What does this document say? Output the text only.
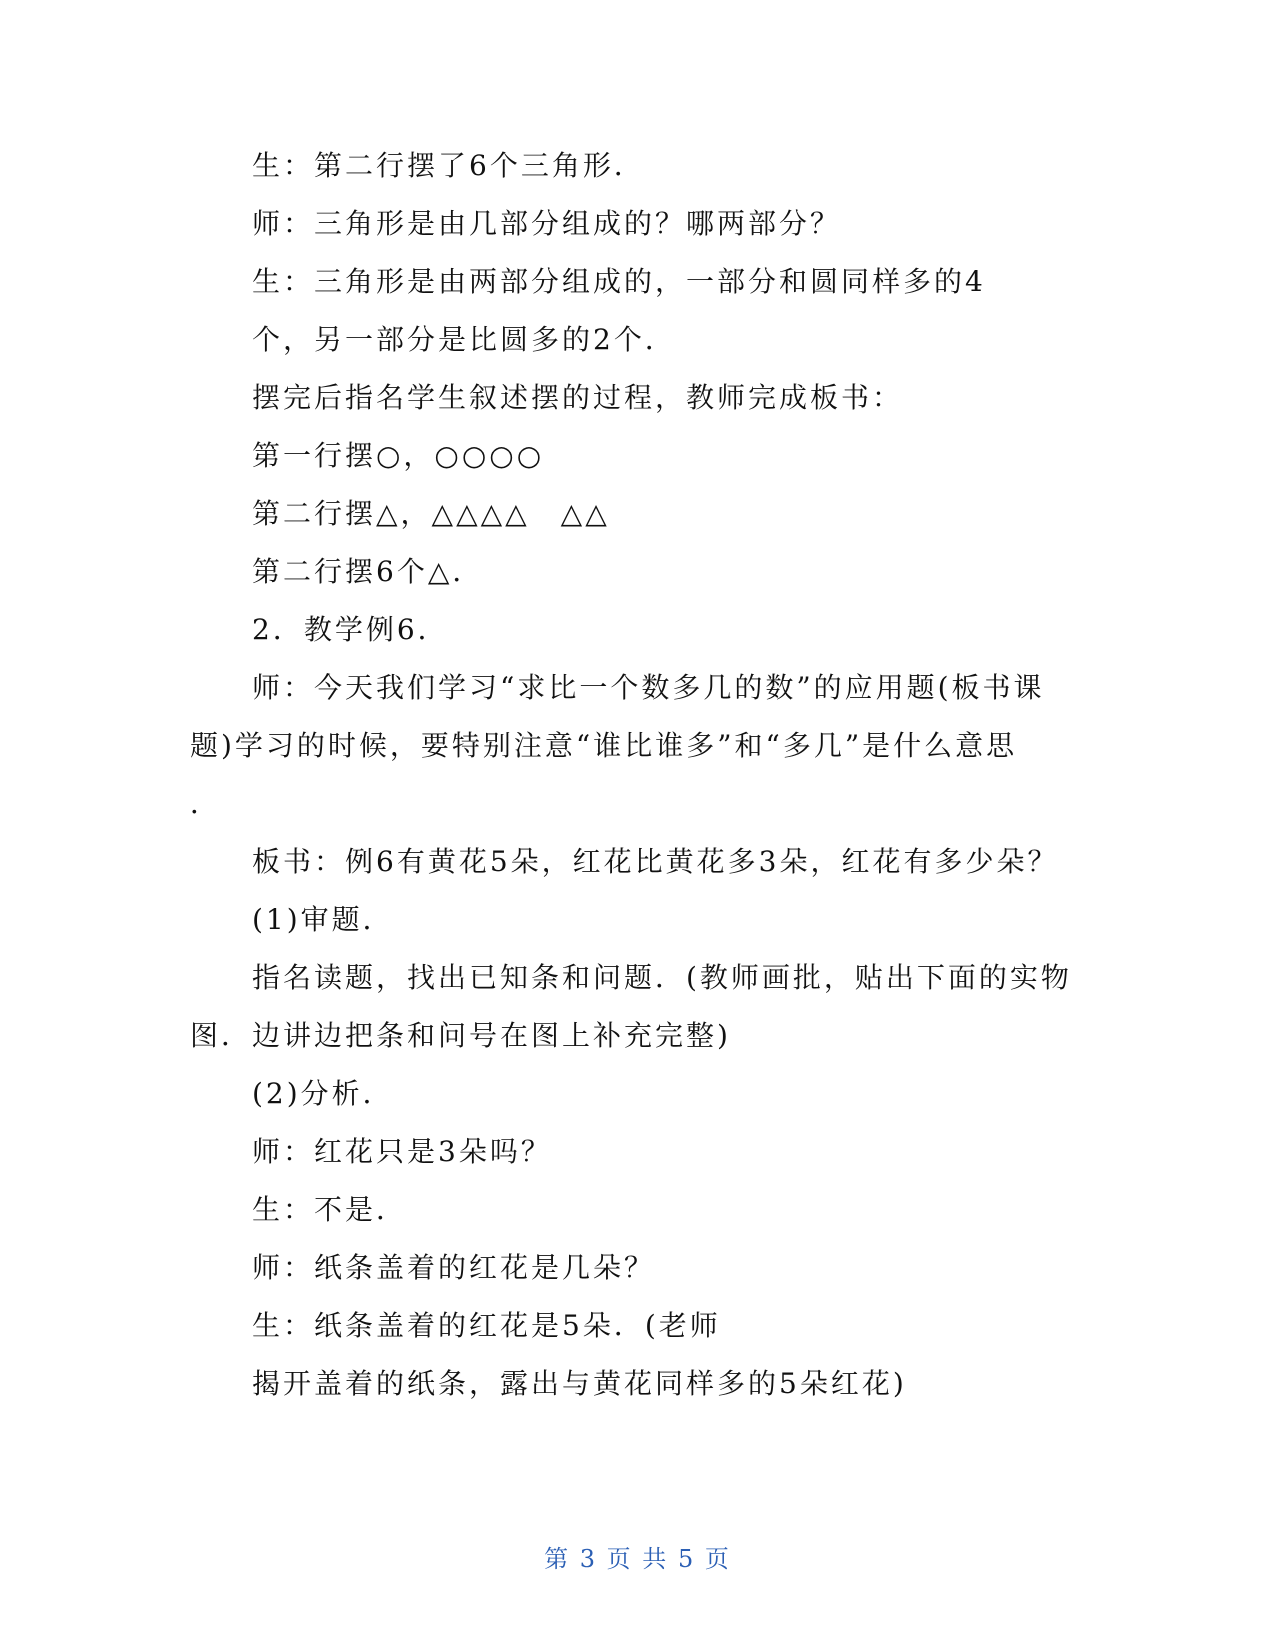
生：第二行摆了6个三角形．
师：三角形是由几部分组成的？哪两部分？
生：三角形是由两部分组成的，一部分和圆同样多的4
个，另一部分是比圆多的2个．
摆完后指名学生叙述摆的过程，教师完成板书：
第一行摆○，○○○○
第二行摆△，△△△△　△△
第二行摆6个△．
2．教学例6．
师：今天我们学习“求比一个数多几的数”的应用题(板书课
题)学习的时候，要特别注意“谁比谁多”和“多几”是什么意思
．
板书：例6有黄花5朵，红花比黄花多3朵，红花有多少朵？
(1)审题．
指名读题，找出已知条和问题．(教师画批，贴出下面的实物
图．边讲边把条和问号在图上补充完整)
(2)分析．
师：红花只是3朵吗？
生：不是．
师：纸条盖着的红花是几朵？
生：纸条盖着的红花是5朵．(老师
揭开盖着的纸条，露出与黄花同样多的5朵红花)
第 3 页 共 5 页
